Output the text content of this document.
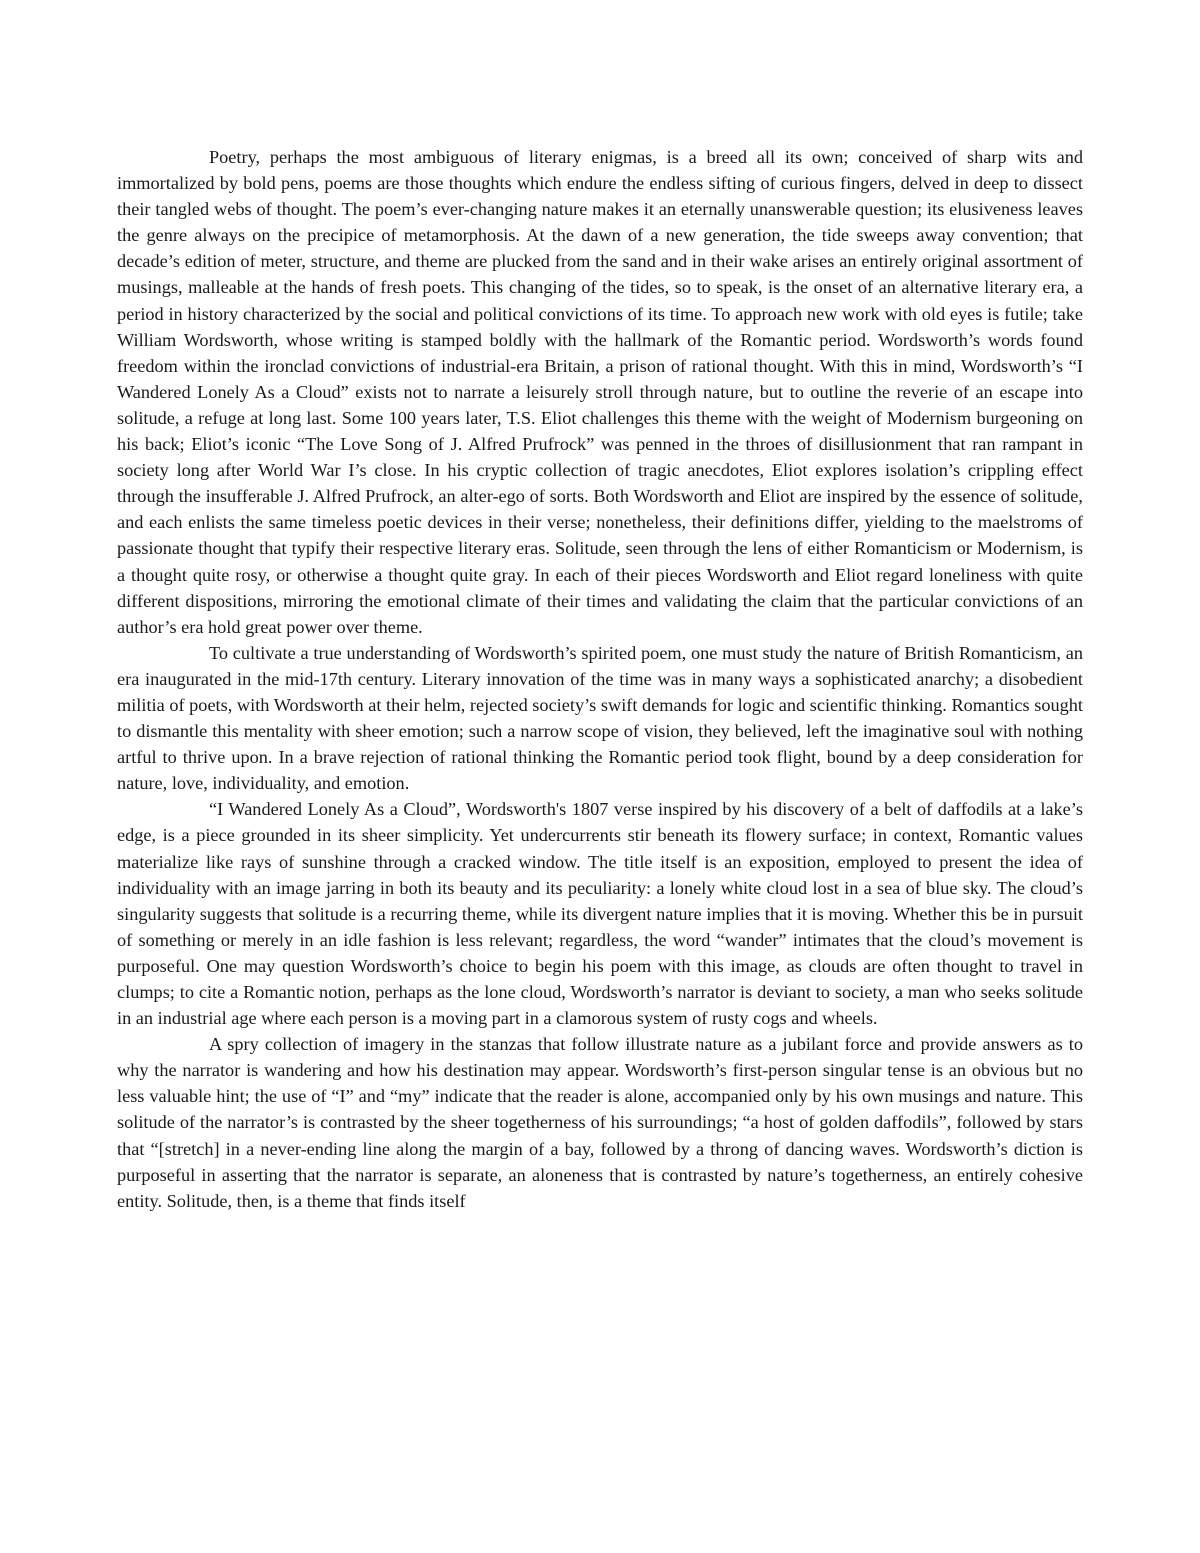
Poetry, perhaps the most ambiguous of literary enigmas, is a breed all its own; conceived of sharp wits and immortalized by bold pens, poems are those thoughts which endure the endless sifting of curious fingers, delved in deep to dissect their tangled webs of thought. The poem’s ever-changing nature makes it an eternally unanswerable question; its elusiveness leaves the genre always on the precipice of metamorphosis. At the dawn of a new generation, the tide sweeps away convention; that decade’s edition of meter, structure, and theme are plucked from the sand and in their wake arises an entirely original assortment of musings, malleable at the hands of fresh poets. This changing of the tides, so to speak, is the onset of an alternative literary era, a period in history characterized by the social and political convictions of its time. To approach new work with old eyes is futile; take William Wordsworth, whose writing is stamped boldly with the hallmark of the Romantic period. Wordsworth’s words found freedom within the ironclad convictions of industrial-era Britain, a prison of rational thought. With this in mind, Wordsworth’s “I Wandered Lonely As a Cloud” exists not to narrate a leisurely stroll through nature, but to outline the reverie of an escape into solitude, a refuge at long last. Some 100 years later, T.S. Eliot challenges this theme with the weight of Modernism burgeoning on his back; Eliot’s iconic “The Love Song of J. Alfred Prufrock” was penned in the throes of disillusionment that ran rampant in society long after World War I’s close. In his cryptic collection of tragic anecdotes, Eliot explores isolation’s crippling effect through the insufferable J. Alfred Prufrock, an alter-ego of sorts. Both Wordsworth and Eliot are inspired by the essence of solitude, and each enlists the same timeless poetic devices in their verse; nonetheless, their definitions differ, yielding to the maelstroms of passionate thought that typify their respective literary eras. Solitude, seen through the lens of either Romanticism or Modernism, is a thought quite rosy, or otherwise a thought quite gray. In each of their pieces Wordsworth and Eliot regard loneliness with quite different dispositions, mirroring the emotional climate of their times and validating the claim that the particular convictions of an author’s era hold great power over theme.

To cultivate a true understanding of Wordsworth’s spirited poem, one must study the nature of British Romanticism, an era inaugurated in the mid-17th century. Literary innovation of the time was in many ways a sophisticated anarchy; a disobedient militia of poets, with Wordsworth at their helm, rejected society’s swift demands for logic and scientific thinking. Romantics sought to dismantle this mentality with sheer emotion; such a narrow scope of vision, they believed, left the imaginative soul with nothing artful to thrive upon. In a brave rejection of rational thinking the Romantic period took flight, bound by a deep consideration for nature, love, individuality, and emotion.

“I Wandered Lonely As a Cloud”, Wordsworth's 1807 verse inspired by his discovery of a belt of daffodils at a lake’s edge, is a piece grounded in its sheer simplicity. Yet undercurrents stir beneath its flowery surface; in context, Romantic values materialize like rays of sunshine through a cracked window. The title itself is an exposition, employed to present the idea of individuality with an image jarring in both its beauty and its peculiarity: a lonely white cloud lost in a sea of blue sky. The cloud’s singularity suggests that solitude is a recurring theme, while its divergent nature implies that it is moving. Whether this be in pursuit of something or merely in an idle fashion is less relevant; regardless, the word “wander” intimates that the cloud’s movement is purposeful. One may question Wordsworth’s choice to begin his poem with this image, as clouds are often thought to travel in clumps; to cite a Romantic notion, perhaps as the lone cloud, Wordsworth’s narrator is deviant to society, a man who seeks solitude in an industrial age where each person is a moving part in a clamorous system of rusty cogs and wheels.

A spry collection of imagery in the stanzas that follow illustrate nature as a jubilant force and provide answers as to why the narrator is wandering and how his destination may appear. Wordsworth’s first-person singular tense is an obvious but no less valuable hint; the use of “I” and “my” indicate that the reader is alone, accompanied only by his own musings and nature. This solitude of the narrator’s is contrasted by the sheer togetherness of his surroundings; “a host of golden daffodils”, followed by stars that “[stretch] in a never-ending line along the margin of a bay, followed by a throng of dancing waves. Wordsworth’s diction is purposeful in asserting that the narrator is separate, an aloneness that is contrasted by nature’s togetherness, an entirely cohesive entity. Solitude, then, is a theme that finds itself
